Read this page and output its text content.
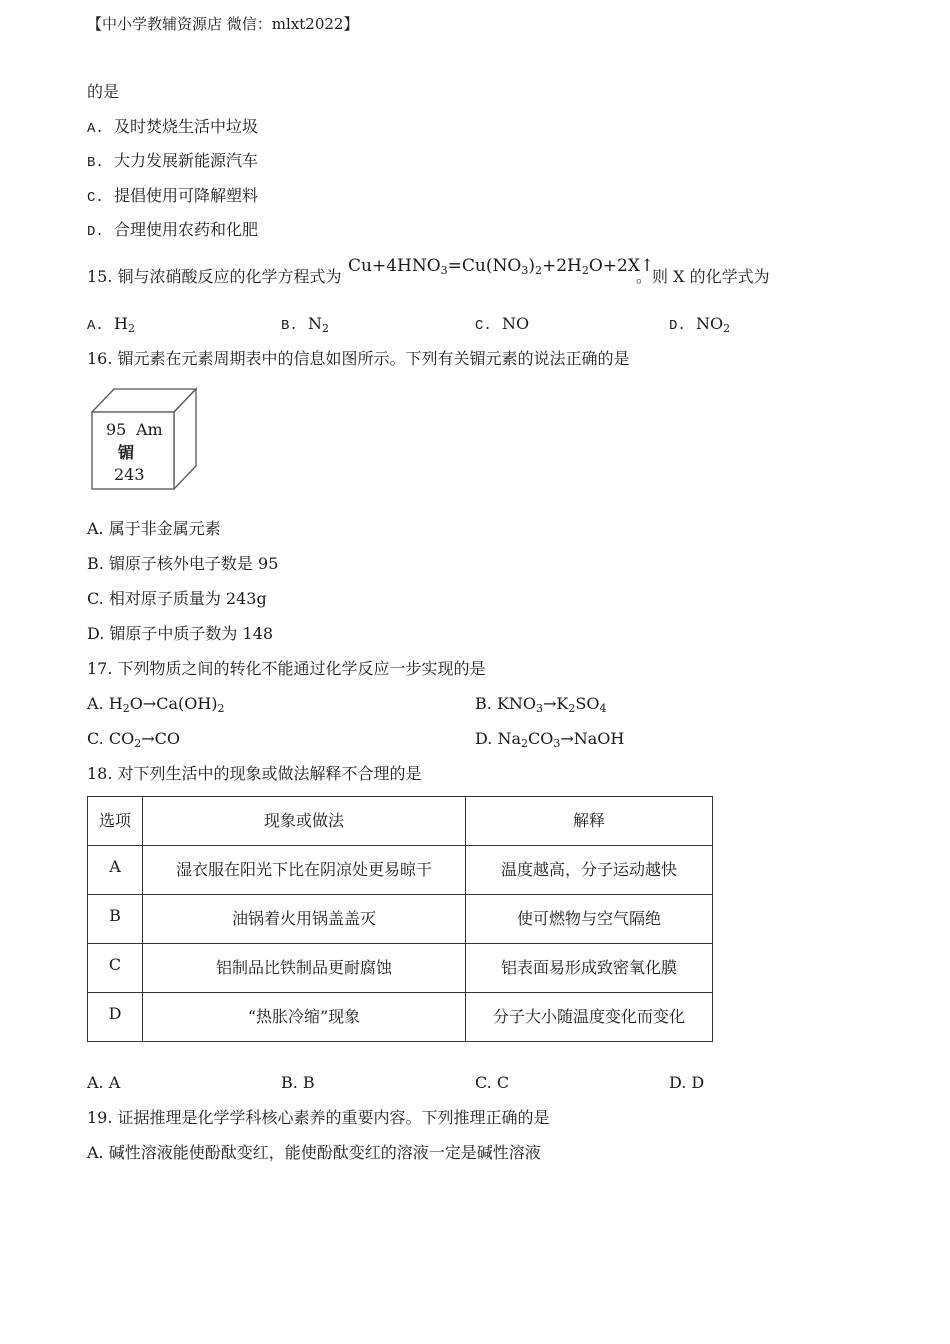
【中小学教辅资源店 微信：mlxt2022】
的是
A. 及时焚烧生活中垃圾
B. 大力发展新能源汽车
C. 提倡使用可降解塑料
D. 合理使用农药和化肥
15. 铜与浓硝酸反应的化学方程式为
$Cu+4HNO_3=Cu(NO_3)_2+2H_2O+2X↑$
。则 X 的化学式为
A. $H_2$	B. $N_2$	C. NO	D. $NO_2$
16. 镅元素在元素周期表中的信息如图所示。下列有关镅元素的说法正确的是
95 Am
镅
243
A. 属于非金属元素
B. 镅原子核外电子数是 95
C. 相对原子质量为 243g
D. 镅原子中质子数为 148
17. 下列物质之间的转化不能通过化学反应一步实现的是
A. $H_2O\to Ca(OH)_2$	B. $KNO_3\to K_2SO_4$
C. $CO_2\to CO$	D. $Na_2CO_3\to NaOH$
18. 对下列生活中的现象或做法解释不合理的是
选项	现象或做法	解释
A	湿衣服在阳光下比在阴凉处更易晾干	温度越高，分子运动越快
B	油锅着火用锅盖盖灭	使可燃物与空气隔绝
C	铝制品比铁制品更耐腐蚀	铝表面易形成致密氧化膜
D	“热胀冷缩”现象	分子大小随温度变化而变化
A. A	B. B	C. C	D. D
19. 证据推理是化学学科核心素养的重要内容。下列推理正确的是
A. 碱性溶液能使酚酞变红，能使酚酞变红的溶液一定是碱性溶液
